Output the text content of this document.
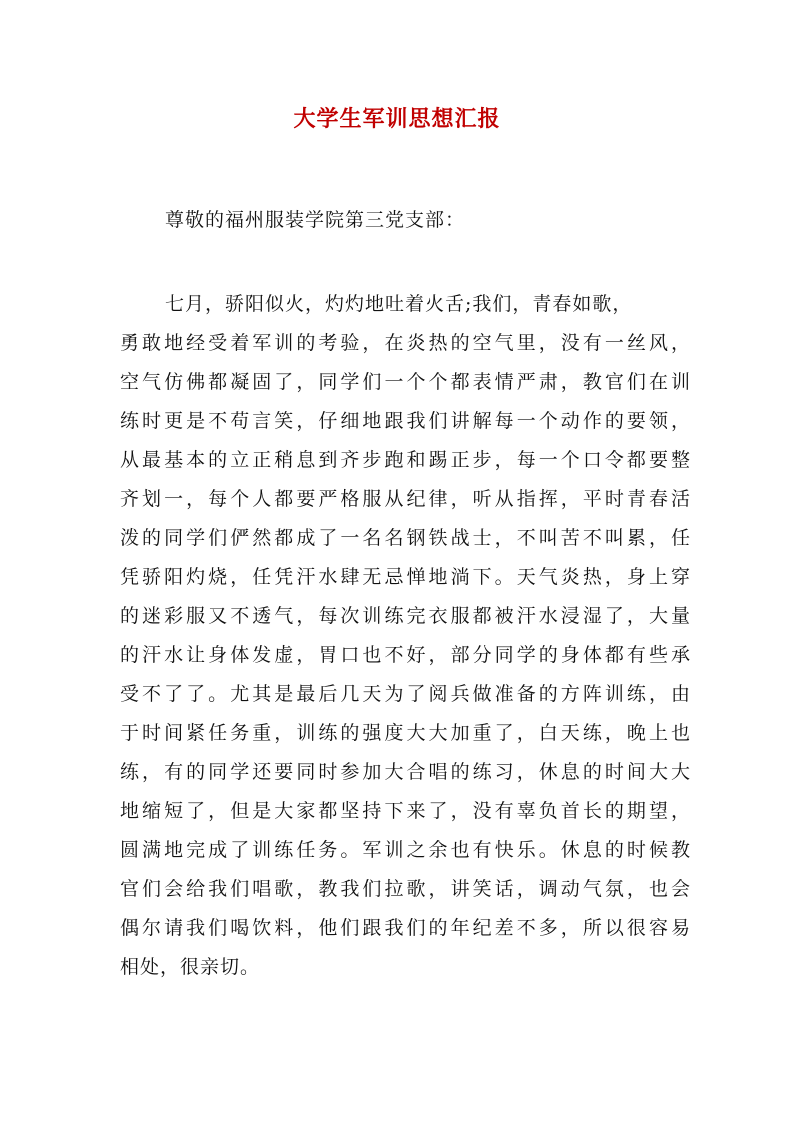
大学生军训思想汇报
尊敬的福州服装学院第三党支部：
七月，骄阳似火，灼灼地吐着火舌;我们，青春如歌，
勇敢地经受着军训的考验，在炎热的空气里，没有一丝风，
空气仿佛都凝固了，同学们一个个都表情严肃，教官们在训
练时更是不苟言笑，仔细地跟我们讲解每一个动作的要领，
从最基本的立正稍息到齐步跑和踢正步，每一个口令都要整
齐划一，每个人都要严格服从纪律，听从指挥，平时青春活
泼的同学们俨然都成了一名名钢铁战士，不叫苦不叫累，任
凭骄阳灼烧，任凭汗水肆无忌惮地淌下。天气炎热，身上穿
的迷彩服又不透气，每次训练完衣服都被汗水浸湿了，大量
的汗水让身体发虚，胃口也不好，部分同学的身体都有些承
受不了了。尤其是最后几天为了阅兵做准备的方阵训练，由
于时间紧任务重，训练的强度大大加重了，白天练，晚上也
练，有的同学还要同时参加大合唱的练习，休息的时间大大
地缩短了，但是大家都坚持下来了，没有辜负首长的期望，
圆满地完成了训练任务。军训之余也有快乐。休息的时候教
官们会给我们唱歌，教我们拉歌，讲笑话，调动气氛，也会
偶尔请我们喝饮料，他们跟我们的年纪差不多，所以很容易
相处，很亲切。
